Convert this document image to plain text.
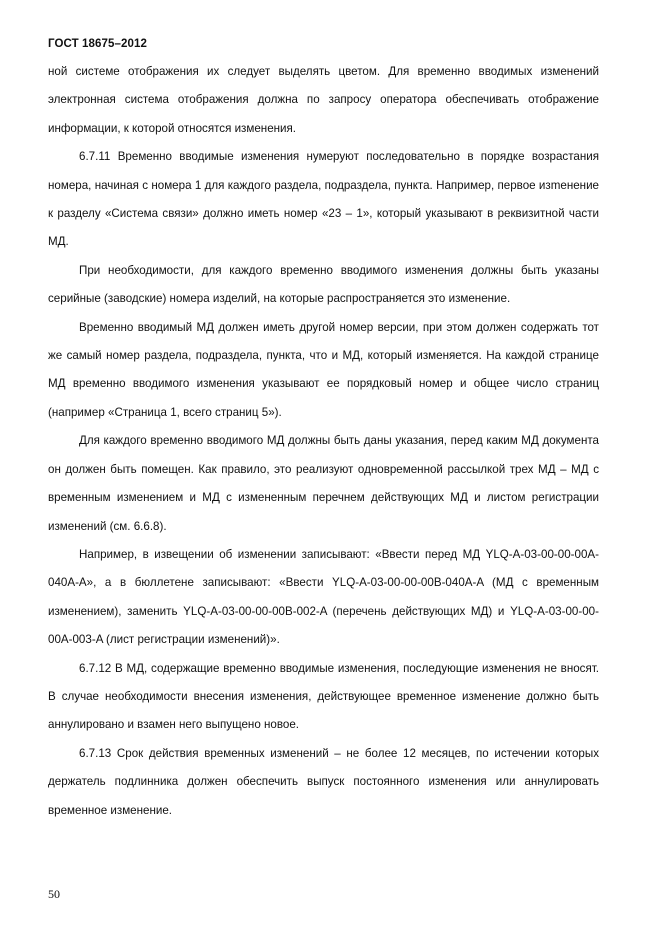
ГОСТ 18675–2012

ной системе отображения их следует выделять цветом. Для временно вводимых изменений электронная система отображения должна по запросу оператора обеспечивать отображение информации, к которой относятся изменения.

6.7.11 Временно вводимые изменения нумеруют последовательно в порядке возрастания номера, начиная с номера 1 для каждого раздела, подраздела, пункта. Например, первое изmенение к разделу «Система связи» должно иметь номер «23 – 1», который указывают в реквизитной части МД.

При необходимости, для каждого временно вводимого изменения должны быть указаны серийные (заводские) номера изделий, на которые распространяется это изменение.

Временно вводимый МД должен иметь другой номер версии, при этом должен содержать тот же самый номер раздела, подраздела, пункта, что и МД, который изменяется. На каждой странице МД временно вводимого изменения указывают ее порядковый номер и общее число страниц (например «Страница 1, всего страниц 5»).

Для каждого временно вводимого МД должны быть даны указания, перед каким МД документа он должен быть помещен. Как правило, это реализуют одновременной рассылкой трех МД – МД с временным изменением и МД с измененным перечнем действующих МД и листом регистрации изменений (см. 6.6.8).

Например, в извещении об изменении записывают: «Ввести перед МД YLQ-A-03-00-00-00A-040A-A», а в бюллетене записывают: «Ввести YLQ-A-03-00-00-00B-040A-A (МД с временным изменением), заменить YLQ-A-03-00-00-00B-002-A (перечень действующих МД) и YLQ-A-03-00-00-00A-003-A (лист регистрации изменений)».

6.7.12 В МД, содержащие временно вводимые изменения, последующие изменения не вносят. В случае необходимости внесения изменения, действующее временное изменение должно быть аннулировано и взамен него выпущено новое.

6.7.13 Срок действия временных изменений – не более 12 месяцев, по истечении которых держатель подлинника должен обеспечить выпуск постоянного изменения или аннулировать временное изменение.

50
